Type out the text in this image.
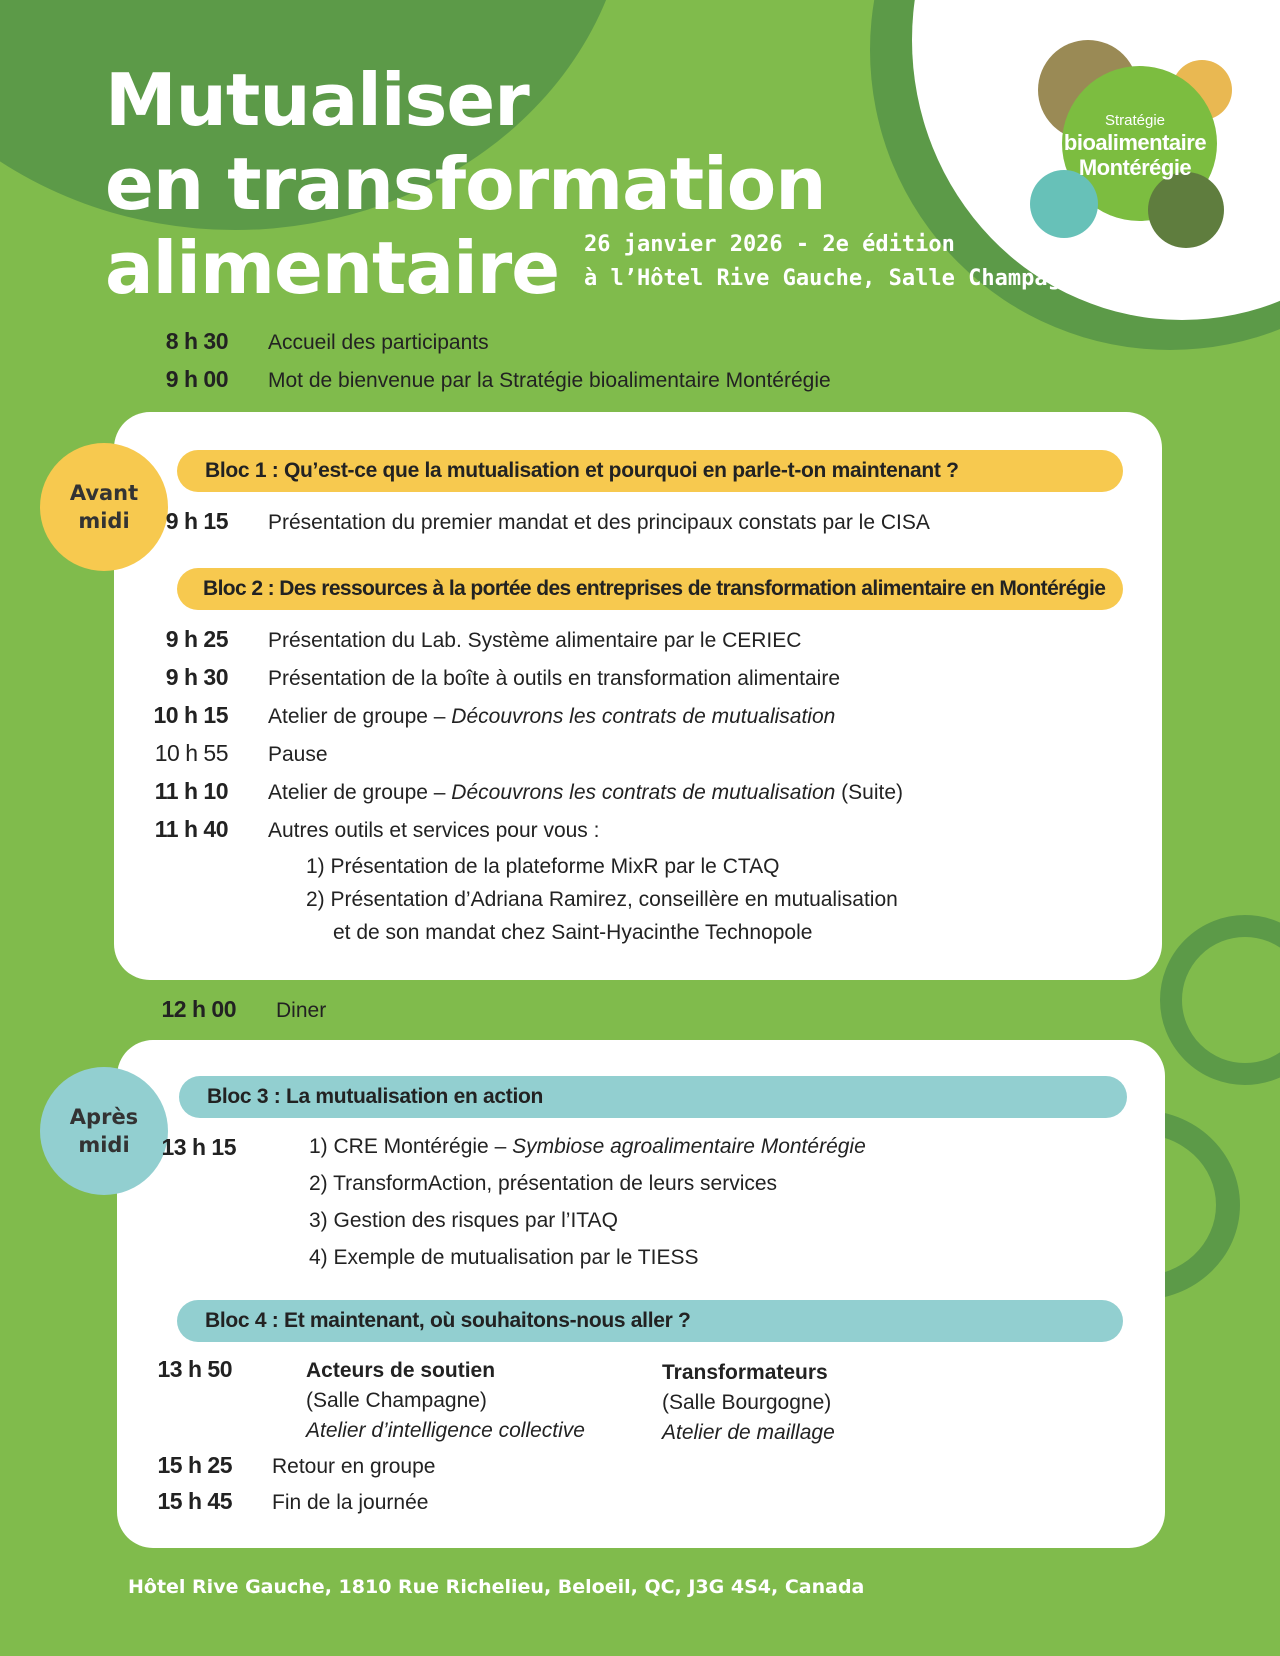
Mutualiser
en transformation
alimentaire	26 janvier 2026 - 2e édition
à l’Hôtel Rive Gauche, Salle Champagne
Stratégie
bioalimentaire
Montérégie
8 h 30 Accueil des participants
9 h 00 Mot de bienvenue par la Stratégie bioalimentaire Montérégie
Avant
midi
Bloc 1 : Qu’est-ce que la mutualisation et pourquoi en parle-t-on maintenant ?
9 h 15 Présentation du premier mandat et des principaux constats par le CISA
Bloc 2 : Des ressources à la portée des entreprises de transformation alimentaire en Montérégie
9 h 25 Présentation du Lab. Système alimentaire par le CERIEC
9 h 30 Présentation de la boîte à outils en transformation alimentaire
10 h 15 Atelier de groupe – Découvrons les contrats de mutualisation
10 h 55 Pause
11 h 10 Atelier de groupe – Découvrons les contrats de mutualisation (Suite)
11 h 40 Autres outils et services pour vous :
1) Présentation de la plateforme MixR par le CTAQ
2) Présentation d’Adriana Ramirez, conseillère en mutualisation
et de son mandat chez Saint-Hyacinthe Technopole
12 h 00 Diner
Après
midi
Bloc 3 : La mutualisation en action
13 h 15	1) CRE Montérégie – Symbiose agroalimentaire Montérégie
2) TransformAction, présentation de leurs services
3) Gestion des risques par l’ITAQ
4) Exemple de mutualisation par le TIESS
Bloc 4 : Et maintenant, où souhaitons-nous aller ?
13 h 50	Acteurs de soutien
(Salle Champagne)
Atelier d’intelligence collective
Transformateurs
(Salle Bourgogne)
Atelier de maillage
15 h 25 Retour en groupe
15 h 45 Fin de la journée
Hôtel Rive Gauche, 1810 Rue Richelieu, Beloeil, QC, J3G 4S4, Canada
